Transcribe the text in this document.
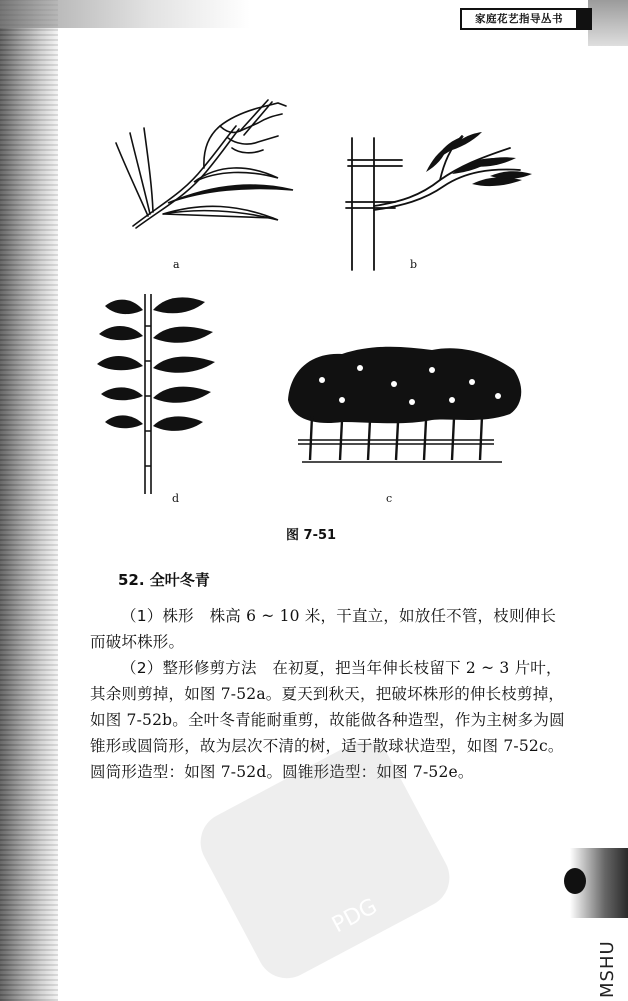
家庭花艺指导丛书
a	b
d	c
图 7-51
52. 全叶冬青

（1）株形　株高 6 ~ 10 米，干直立，如放任不管，枝则伸长而破坏株形。

（2）整形修剪方法　在初夏，把当年伸长枝留下 2 ~ 3 片叶，其余则剪掉，如图 7-52a。夏天到秋天，把破坏株形的伸长枝剪掉，如图 7-52b。全叶冬青能耐重剪，故能做各种造型，作为主树多为圆锥形或圆筒形，故为层次不清的树，适于散球状造型，如图 7-52c。圆筒形造型：如图 7-52d。圆锥形造型：如图 7-52e。

PDG
MSHU
